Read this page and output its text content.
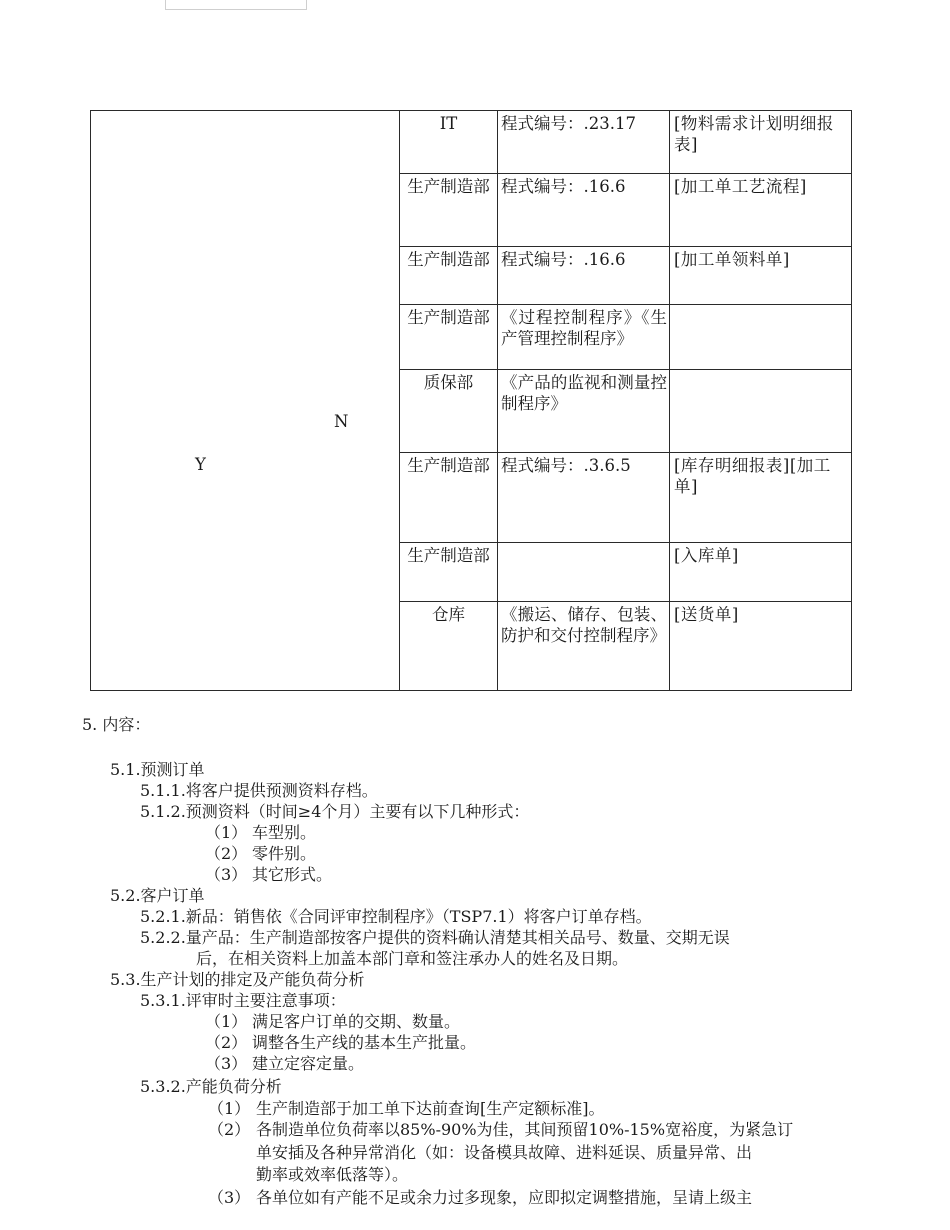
N
Y	IT	程式编号：.23.17	[物料需求计划明细报表]
	生产制造部	程式编号：.16.6	[加工单工艺流程]
	生产制造部	程式编号：.16.6	[加工单领料单]
	生产制造部	《过程控制程序》《生产管理控制程序》	
	质保部	《产品的监视和测量控制程序》	
	生产制造部	程式编号：.3.6.5	[库存明细报表][加工单]
	生产制造部		[入库单]
	仓库	《搬运、储存、包装、防护和交付控制程序》	[送货单]
5. 内容：
5.1.预测订单
5.1.1.将客户提供预测资料存档。
5.1.2.预测资料（时间≥4个月）主要有以下几种形式：
（1） 车型别。
（2） 零件别。
（3） 其它形式。
5.2.客户订单
5.2.1.新品：销售依《合同评审控制程序》（TSP7.1）将客户订单存档。
5.2.2.量产品：生产制造部按客户提供的资料确认清楚其相关品号、数量、交期无误
后，在相关资料上加盖本部门章和签注承办人的姓名及日期。
5.3.生产计划的排定及产能负荷分析
5.3.1.评审时主要注意事项：
（1） 满足客户订单的交期、数量。
（2） 调整各生产线的基本生产批量。
（3） 建立定容定量。
5.3.2.产能负荷分析
（1） 生产制造部于加工单下达前查询[生产定额标准]。
（2） 各制造单位负荷率以85%-90%为佳，其间预留10%-15%宽裕度，为紧急订
单安插及各种异常消化（如：设备模具故障、进料延误、质量异常、出
勤率或效率低落等）。
（3） 各单位如有产能不足或余力过多现象，应即拟定调整措施，呈请上级主
